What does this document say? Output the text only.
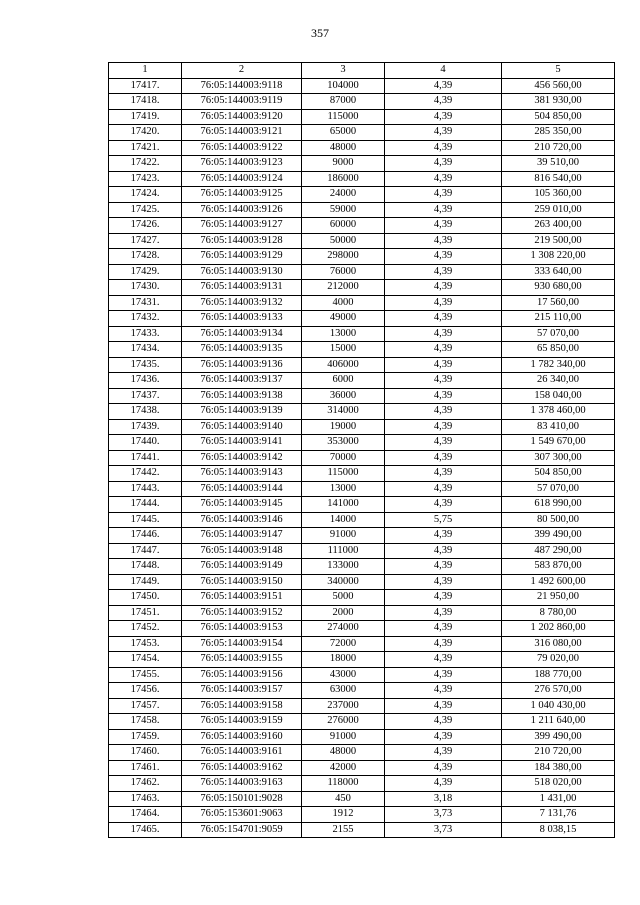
357
1	2	3	4	5
17417.	76:05:144003:9118	104000	4,39	456 560,00
17418.	76:05:144003:9119	87000	4,39	381 930,00
17419.	76:05:144003:9120	115000	4,39	504 850,00
17420.	76:05:144003:9121	65000	4,39	285 350,00
17421.	76:05:144003:9122	48000	4,39	210 720,00
17422.	76:05:144003:9123	9000	4,39	39 510,00
17423.	76:05:144003:9124	186000	4,39	816 540,00
17424.	76:05:144003:9125	24000	4,39	105 360,00
17425.	76:05:144003:9126	59000	4,39	259 010,00
17426.	76:05:144003:9127	60000	4,39	263 400,00
17427.	76:05:144003:9128	50000	4,39	219 500,00
17428.	76:05:144003:9129	298000	4,39	1 308 220,00
17429.	76:05:144003:9130	76000	4,39	333 640,00
17430.	76:05:144003:9131	212000	4,39	930 680,00
17431.	76:05:144003:9132	4000	4,39	17 560,00
17432.	76:05:144003:9133	49000	4,39	215 110,00
17433.	76:05:144003:9134	13000	4,39	57 070,00
17434.	76:05:144003:9135	15000	4,39	65 850,00
17435.	76:05:144003:9136	406000	4,39	1 782 340,00
17436.	76:05:144003:9137	6000	4,39	26 340,00
17437.	76:05:144003:9138	36000	4,39	158 040,00
17438.	76:05:144003:9139	314000	4,39	1 378 460,00
17439.	76:05:144003:9140	19000	4,39	83 410,00
17440.	76:05:144003:9141	353000	4,39	1 549 670,00
17441.	76:05:144003:9142	70000	4,39	307 300,00
17442.	76:05:144003:9143	115000	4,39	504 850,00
17443.	76:05:144003:9144	13000	4,39	57 070,00
17444.	76:05:144003:9145	141000	4,39	618 990,00
17445.	76:05:144003:9146	14000	5,75	80 500,00
17446.	76:05:144003:9147	91000	4,39	399 490,00
17447.	76:05:144003:9148	111000	4,39	487 290,00
17448.	76:05:144003:9149	133000	4,39	583 870,00
17449.	76:05:144003:9150	340000	4,39	1 492 600,00
17450.	76:05:144003:9151	5000	4,39	21 950,00
17451.	76:05:144003:9152	2000	4,39	8 780,00
17452.	76:05:144003:9153	274000	4,39	1 202 860,00
17453.	76:05:144003:9154	72000	4,39	316 080,00
17454.	76:05:144003:9155	18000	4,39	79 020,00
17455.	76:05:144003:9156	43000	4,39	188 770,00
17456.	76:05:144003:9157	63000	4,39	276 570,00
17457.	76:05:144003:9158	237000	4,39	1 040 430,00
17458.	76:05:144003:9159	276000	4,39	1 211 640,00
17459.	76:05:144003:9160	91000	4,39	399 490,00
17460.	76:05:144003:9161	48000	4,39	210 720,00
17461.	76:05:144003:9162	42000	4,39	184 380,00
17462.	76:05:144003:9163	118000	4,39	518 020,00
17463.	76:05:150101:9028	450	3,18	1 431,00
17464.	76:05:153601:9063	1912	3,73	7 131,76
17465.	76:05:154701:9059	2155	3,73	8 038,15
